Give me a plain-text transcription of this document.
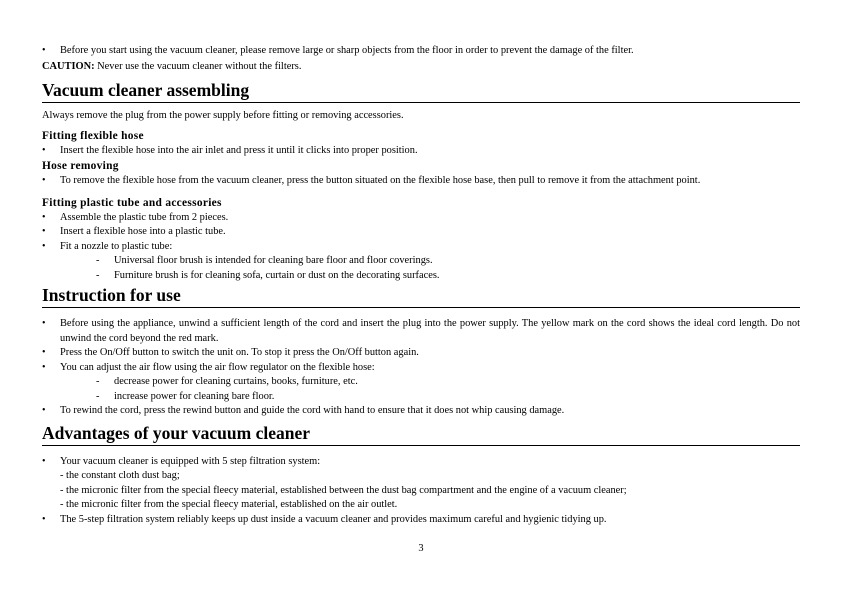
• Before you start using the vacuum cleaner, please remove large or sharp objects from the floor in order to prevent the damage of the filter.
CAUTION: Never use the vacuum cleaner without the filters.
Vacuum cleaner assembling
Always remove the plug from the power supply before fitting or removing accessories.
Fitting flexible hose
• Insert the flexible hose into the air inlet and press it until it clicks into proper position.
Hose removing
• To remove the flexible hose from the vacuum cleaner, press the button situated on the flexible hose base, then pull to remove it from the attachment point.
Fitting plastic tube and accessories
• Assemble the plastic tube from 2 pieces.
• Insert a flexible hose into a plastic tube.
• Fit a nozzle to plastic tube:
- Universal floor brush is intended for cleaning bare floor and floor coverings.
- Furniture brush is for cleaning sofa, curtain or dust on the decorating surfaces.
Instruction for use
• Before using the appliance, unwind a sufficient length of the cord and insert the plug into the power supply. The yellow mark on the cord shows the ideal cord length. Do not unwind the cord beyond the red mark.
• Press the On/Off button to switch the unit on. To stop it press the On/Off button again.
• You can adjust the air flow using the air flow regulator on the flexible hose:
- decrease power for cleaning curtains, books, furniture, etc.
- increase power for cleaning bare floor.
• To rewind the cord, press the rewind button and guide the cord with hand to ensure that it does not whip causing damage.
Advantages of your vacuum cleaner
• Your vacuum cleaner is equipped with 5 step filtration system:
- the constant cloth dust bag;
- the micronic filter from the special fleecy material, established between the dust bag compartment and the engine of a vacuum cleaner;
- the micronic filter from the special fleecy material, established on the air outlet.
• The 5-step filtration system reliably keeps up dust inside a vacuum cleaner and provides maximum careful and hygienic tidying up.
3
